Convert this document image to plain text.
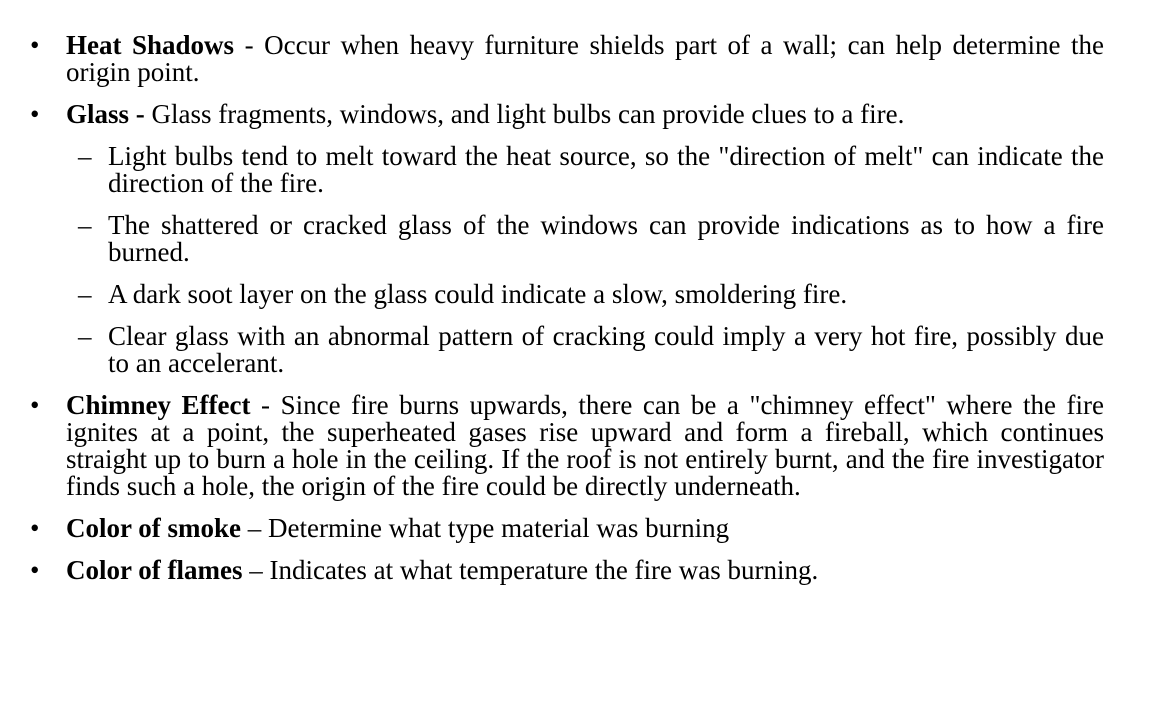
• Heat Shadows - Occur when heavy furniture shields part of a wall; can help determine the origin point.
• Glass - Glass fragments, windows, and light bulbs can provide clues to a fire.
– Light bulbs tend to melt toward the heat source, so the "direction of melt" can indicate the direction of the fire.
– The shattered or cracked glass of the windows can provide indications as to how a fire burned.
– A dark soot layer on the glass could indicate a slow, smoldering fire.
– Clear glass with an abnormal pattern of cracking could imply a very hot fire, possibly due to an accelerant.
• Chimney Effect - Since fire burns upwards, there can be a "chimney effect" where the fire ignites at a point, the superheated gases rise upward and form a fireball, which continues straight up to burn a hole in the ceiling. If the roof is not entirely burnt, and the fire investigator finds such a hole, the origin of the fire could be directly underneath.
• Color of smoke – Determine what type material was burning
• Color of flames – Indicates at what temperature the fire was burning.
